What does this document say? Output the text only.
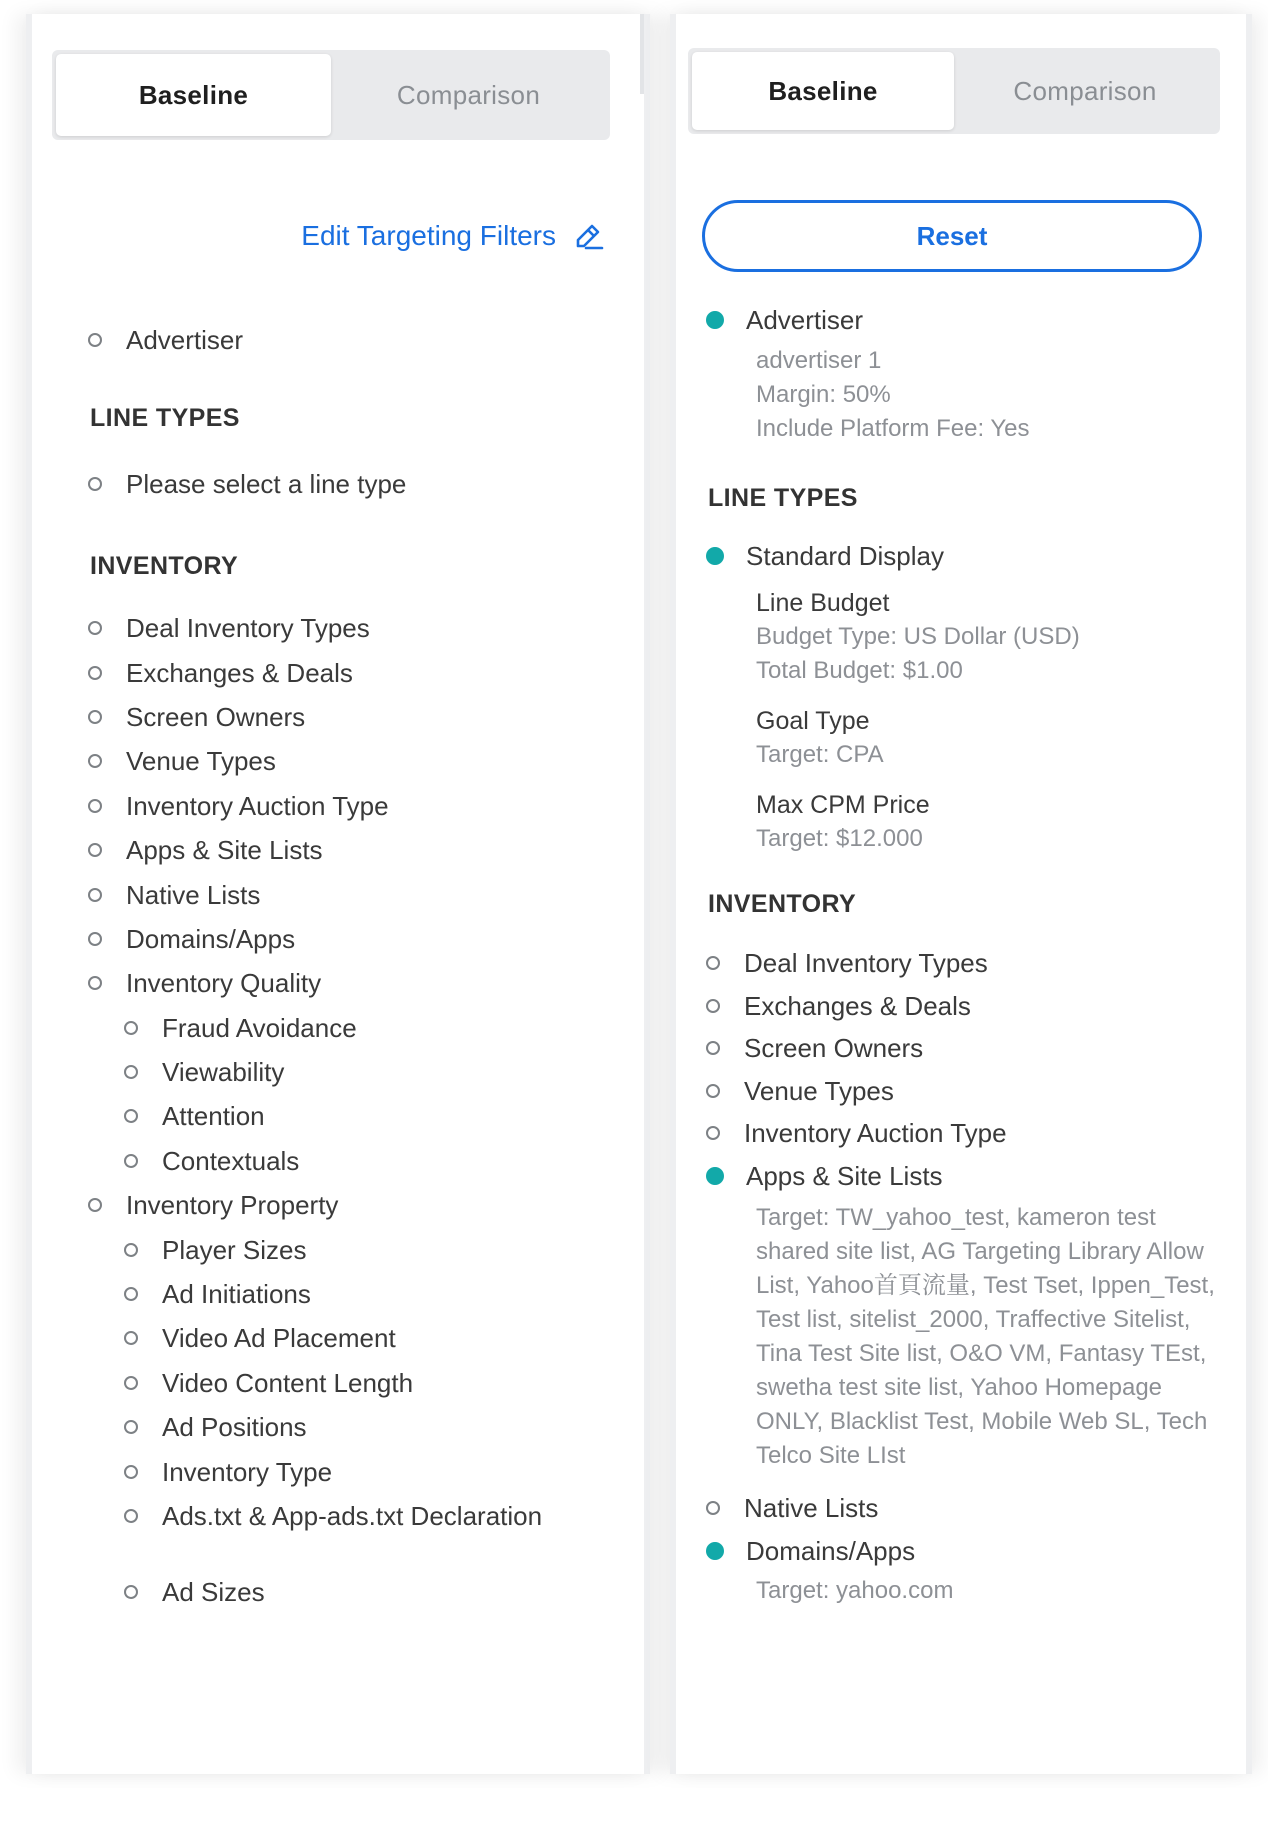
Baseline	Comparison
Edit Targeting Filters
Advertiser
LINE TYPES
Please select a line type
INVENTORY
Deal Inventory Types
Exchanges & Deals
Screen Owners
Venue Types
Inventory Auction Type
Apps & Site Lists
Native Lists
Domains/Apps
Inventory Quality
Fraud Avoidance
Viewability
Attention
Contextuals
Inventory Property
Player Sizes
Ad Initiations
Video Ad Placement
Video Content Length
Ad Positions
Inventory Type
Ads.txt & App-ads.txt Declaration
Ad Sizes
Baseline	Comparison
Reset
Advertiser
advertiser 1
Margin: 50%
Include Platform Fee: Yes
LINE TYPES
Standard Display
Line Budget
Budget Type: US Dollar (USD)
Total Budget: $1.00
Goal Type
Target: CPA
Max CPM Price
Target: $12.000
INVENTORY
Deal Inventory Types
Exchanges & Deals
Screen Owners
Venue Types
Inventory Auction Type
Apps & Site Lists
Target: TW_yahoo_test, kameron test shared site list, AG Targeting Library Allow List, Yahoo首頁流量, Test Tset, Ippen_Test, Test list, sitelist_2000, Traffective Sitelist, Tina Test Site list, O&O VM, Fantasy TEst, swetha test site list, Yahoo Homepage ONLY, Blacklist Test, Mobile Web SL, Tech Telco Site LIst
Native Lists
Domains/Apps
Target: yahoo.com
